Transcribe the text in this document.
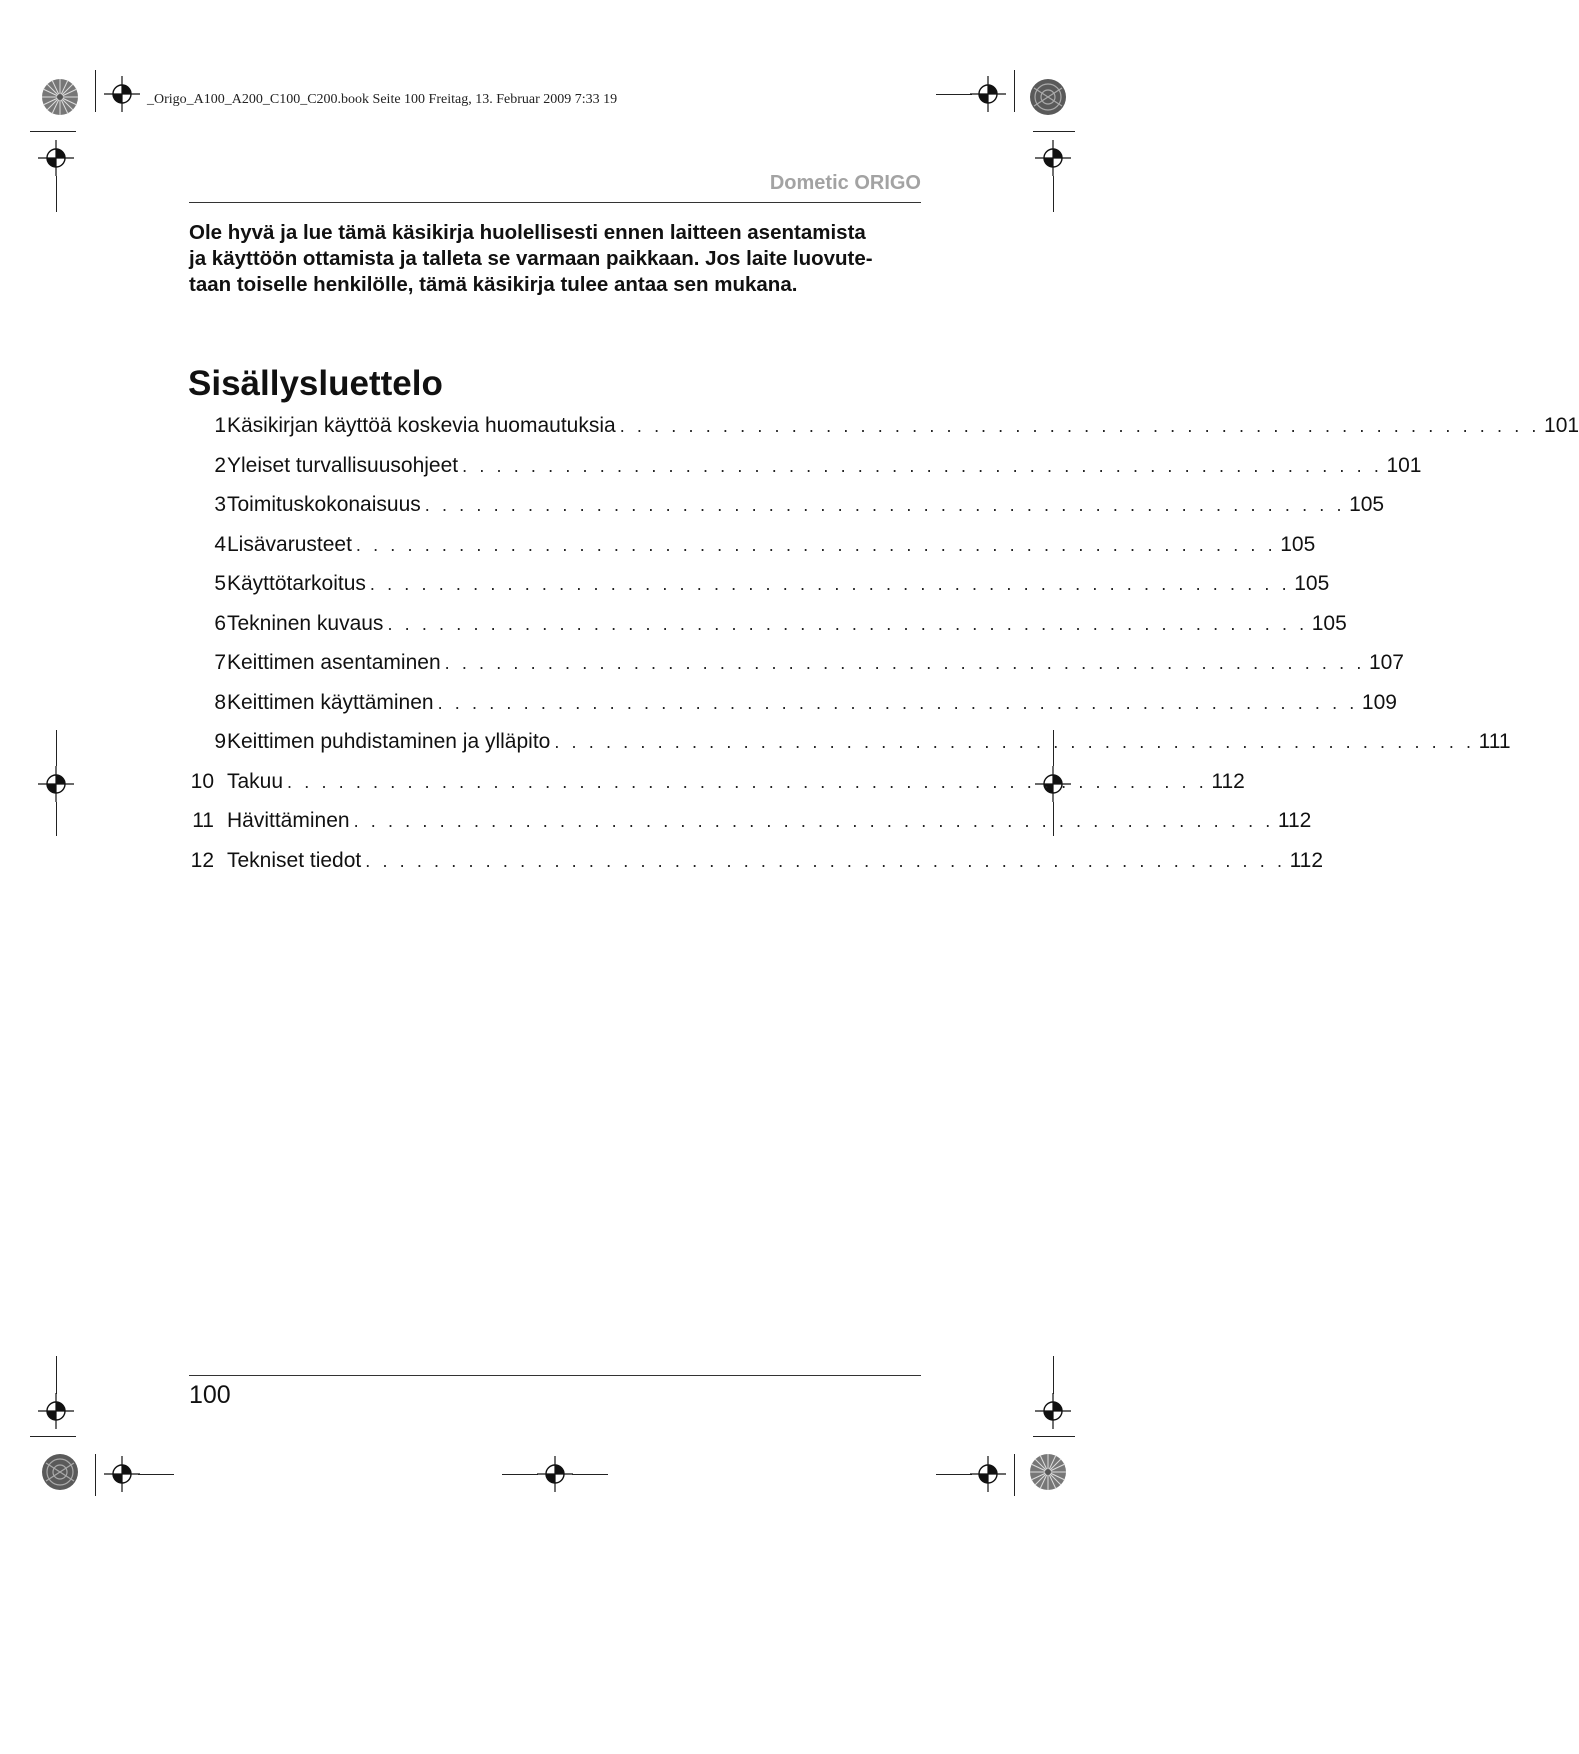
_Origo_A100_A200_C100_C200.book Seite 100 Freitag, 13. Februar 2009 7:33 19
Dometic ORIGO
Ole hyvä ja lue tämä käsikirja huolellisesti ennen laitteen asentamista
ja käyttöön ottamista ja talleta se varmaan paikkaan. Jos laite luovute-
taan toiselle henkilölle, tämä käsikirja tulee antaa sen mukana.
Sisällysluettelo
1 Käsikirjan käyttöä koskevia huomautuksia . . . . . . . . . . . . . . . . . . . . . . . . . . . . . . . . . . . . . . . . . . . . . . . . . . . . . . 101
2 Yleiset turvallisuusohjeet . . . . . . . . . . . . . . . . . . . . . . . . . . . . . . . . . . . . . . . . . . . . . . . . . . . . . . 101
3 Toimituskokonaisuus . . . . . . . . . . . . . . . . . . . . . . . . . . . . . . . . . . . . . . . . . . . . . . . . . . . . . . 105
4 Lisävarusteet . . . . . . . . . . . . . . . . . . . . . . . . . . . . . . . . . . . . . . . . . . . . . . . . . . . . . . 105
5 Käyttötarkoitus . . . . . . . . . . . . . . . . . . . . . . . . . . . . . . . . . . . . . . . . . . . . . . . . . . . . . . 105
6 Tekninen kuvaus . . . . . . . . . . . . . . . . . . . . . . . . . . . . . . . . . . . . . . . . . . . . . . . . . . . . . . 105
7 Keittimen asentaminen . . . . . . . . . . . . . . . . . . . . . . . . . . . . . . . . . . . . . . . . . . . . . . . . . . . . . . 107
8 Keittimen käyttäminen . . . . . . . . . . . . . . . . . . . . . . . . . . . . . . . . . . . . . . . . . . . . . . . . . . . . . . 109
9 Keittimen puhdistaminen ja ylläpito . . . . . . . . . . . . . . . . . . . . . . . . . . . . . . . . . . . . . . . . . . . . . . . . . . . . . . 111
10 Takuu . . . . . . . . . . . . . . . . . . . . . . . . . . . . . . . . . . . . . . . . . . . . . . . . . . . . . . 112
11 Hävittäminen . . . . . . . . . . . . . . . . . . . . . . . . . . . . . . . . . . . . . . . . . . . . . . . . . . . . . . 112
12 Tekniset tiedot . . . . . . . . . . . . . . . . . . . . . . . . . . . . . . . . . . . . . . . . . . . . . . . . . . . . . . 112
100
